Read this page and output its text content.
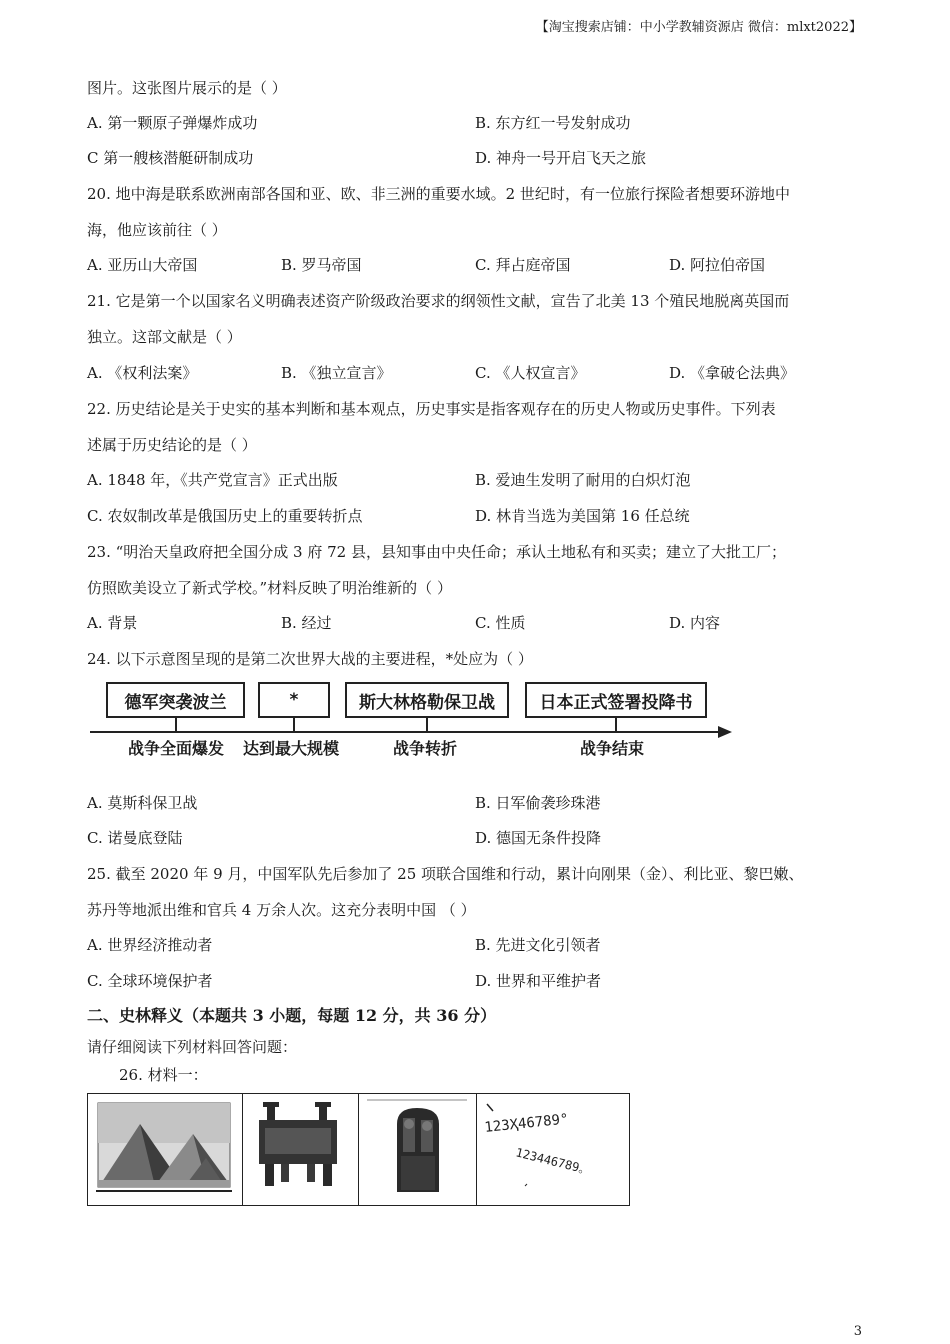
【淘宝搜索店铺：中小学教辅资源店 微信：mlxt2022】
图片。这张图片展示的是（ ）
A. 第一颗原子弹爆炸成功	B. 东方红一号发射成功
C 第一艘核潜艇研制成功	D. 神舟一号开启飞天之旅
20. 地中海是联系欧洲南部各国和亚、欧、非三洲的重要水域。2 世纪时，有一位旅行探险者想要环游地中
海，他应该前往（ ）
A. 亚历山大帝国	B. 罗马帝国	C. 拜占庭帝国	D. 阿拉伯帝国
21. 它是第一个以国家名义明确表述资产阶级政治要求的纲领性文献，宣告了北美 13 个殖民地脱离英国而
独立。这部文献是（ ）
A. 《权利法案》	B. 《独立宣言》	C. 《人权宣言》	D. 《拿破仑法典》
22. 历史结论是关于史实的基本判断和基本观点，历史事实是指客观存在的历史人物或历史事件。下列表
述属于历史结论的是（ ）
A. 1848 年，《共产党宣言》正式出版	B. 爱迪生发明了耐用的白炽灯泡
C. 农奴制改革是俄国历史上的重要转折点	D. 林肯当选为美国第 16 任总统
23. “明治天皇政府把全国分成 3 府 72 县，县知事由中央任命；承认土地私有和买卖；建立了大批工厂；
仿照欧美设立了新式学校。”材料反映了明治维新的（ ）
A. 背景	B. 经过	C. 性质	D. 内容
24. 以下示意图呈现的是第二次世界大战的主要进程，*处应为（ ）
德军突袭波兰	*	斯大林格勒保卫战	日本正式签署投降书
战争全面爆发 达到最大规模	战争转折	战争结束
A. 莫斯科保卫战	B. 日军偷袭珍珠港
C. 诺曼底登陆	D. 德国无条件投降
25. 截至 2020 年 9 月，中国军队先后参加了 25 项联合国维和行动，累计向刚果（金）、利比亚、黎巴嫩、
苏丹等地派出维和官兵 4 万余人次。这充分表明中国 （ ）
A. 世界经济推动者	B. 先进文化引领者
C. 全球环境保护者	D. 世界和平维护者
二、史林释义（本题共 3 小题，每题 12 分，共 36 分）
请仔细阅读下列材料回答问题：
26. 材料一：
123Ҳ46789°
123446789。
3
